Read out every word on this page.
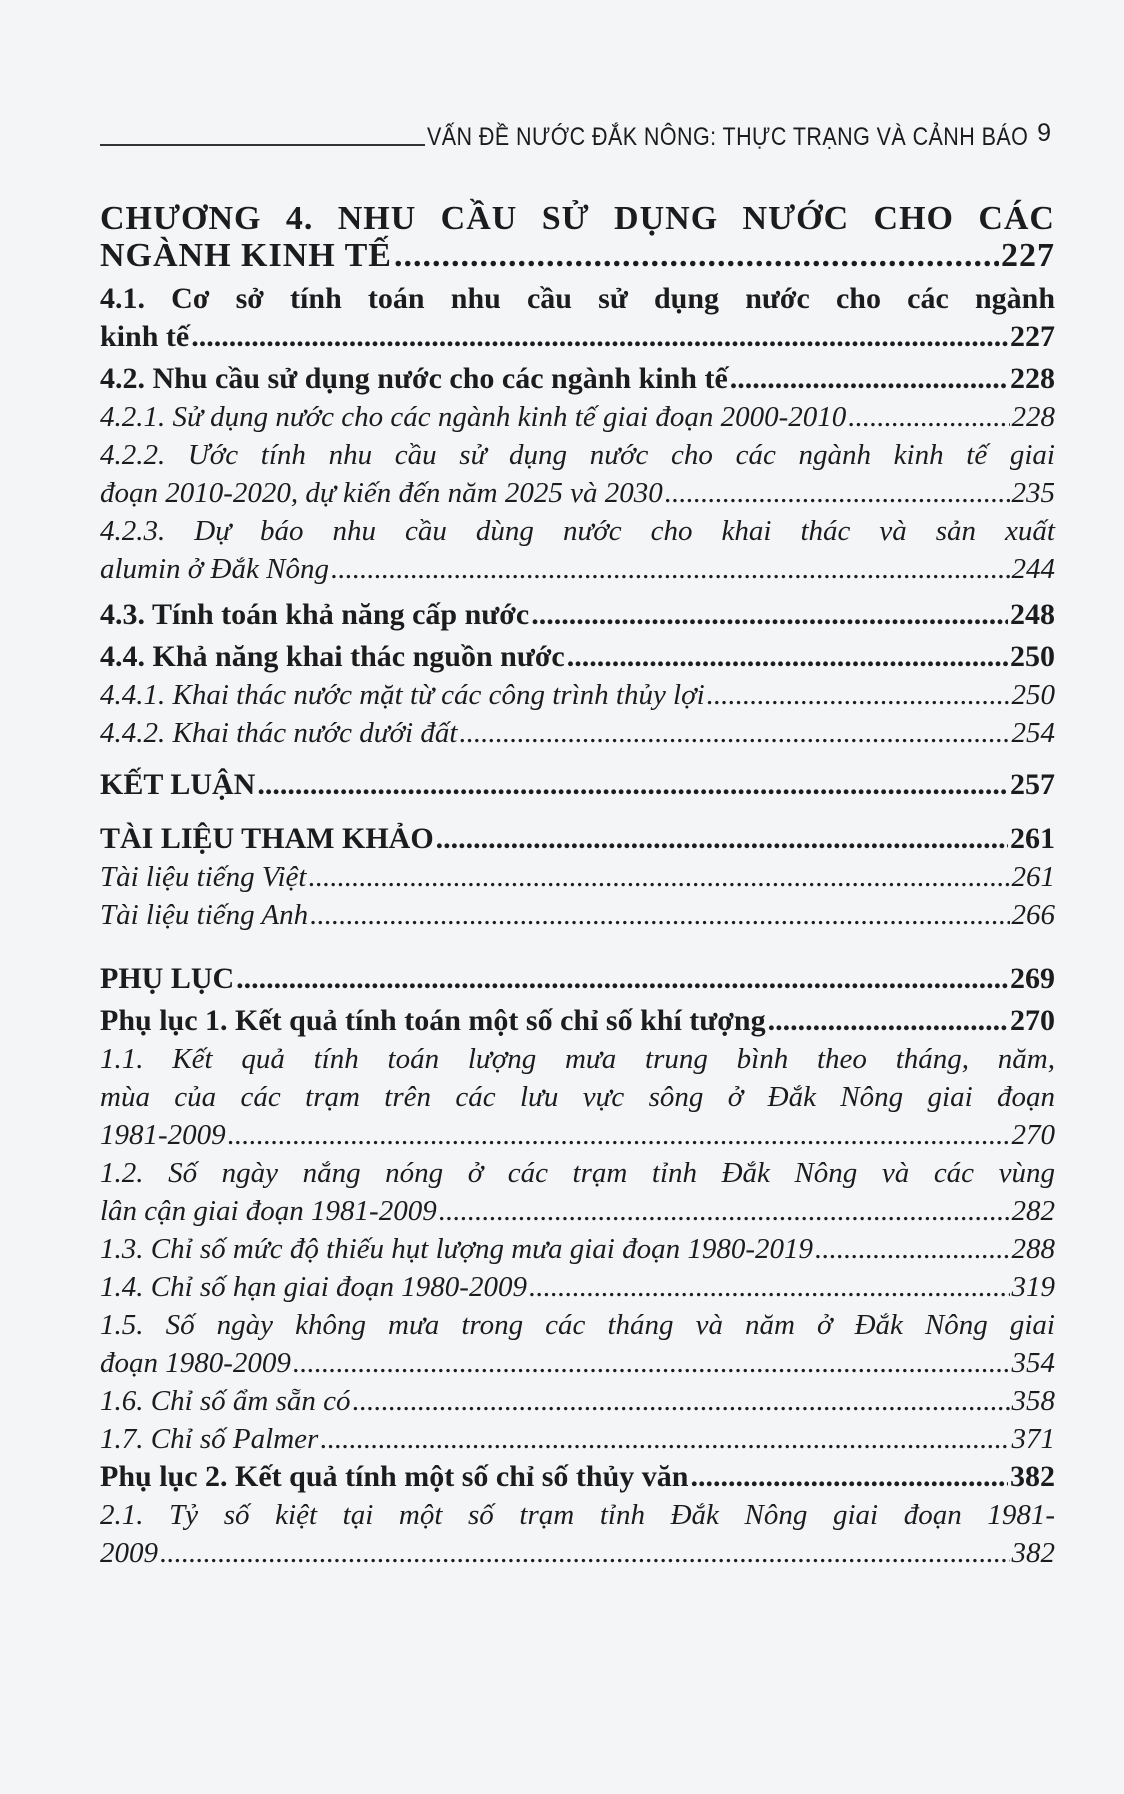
VẤN ĐỀ NƯỚC ĐẮK NÔNG: THỰC TRẠNG VÀ CẢNH BÁO 9
CHƯƠNG 4. NHU CẦU SỬ DỤNG NƯỚC CHO CÁC
NGÀNH KINH TẾ .....	227
4.1. Cơ sở tính toán nhu cầu sử dụng nước cho các ngành
kinh tế .....	227
4.2. Nhu cầu sử dụng nước cho các ngành kinh tế .....	228
4.2.1. Sử dụng nước cho các ngành kinh tế giai đoạn 2000-2010 .....	228
4.2.2. Ước tính nhu cầu sử dụng nước cho các ngành kinh tế giai
đoạn 2010-2020, dự kiến đến năm 2025 và 2030 .....	235
4.2.3. Dự báo nhu cầu dùng nước cho khai thác và sản xuất
alumin ở Đắk Nông .....	244
4.3. Tính toán khả năng cấp nước .....	248
4.4. Khả năng khai thác nguồn nước .....	250
4.4.1. Khai thác nước mặt từ các công trình thủy lợi .....	250
4.4.2. Khai thác nước dưới đất .....	254
KẾT LUẬN .....	257
TÀI LIỆU THAM KHẢO .....	261
Tài liệu tiếng Việt .....	261
Tài liệu tiếng Anh .....	266
PHỤ LỤC .....	269
Phụ lục 1. Kết quả tính toán một số chỉ số khí tượng .....	270
1.1. Kết quả tính toán lượng mưa trung bình theo tháng, năm,
mùa của các trạm trên các lưu vực sông ở Đắk Nông giai đoạn
1981-2009 .....	270
1.2. Số ngày nắng nóng ở các trạm tỉnh Đắk Nông và các vùng
lân cận giai đoạn 1981-2009 .....	282
1.3. Chỉ số mức độ thiếu hụt lượng mưa giai đoạn 1980-2019 .....	288
1.4. Chỉ số hạn giai đoạn 1980-2009 .....	319
1.5. Số ngày không mưa trong các tháng và năm ở Đắk Nông giai
đoạn 1980-2009 .....	354
1.6. Chỉ số ẩm sẵn có .....	358
1.7. Chỉ số Palmer .....	371
Phụ lục 2. Kết quả tính một số chỉ số thủy văn .....	382
2.1. Tỷ số kiệt tại một số trạm tỉnh Đắk Nông giai đoạn 1981-
2009 .....	382
